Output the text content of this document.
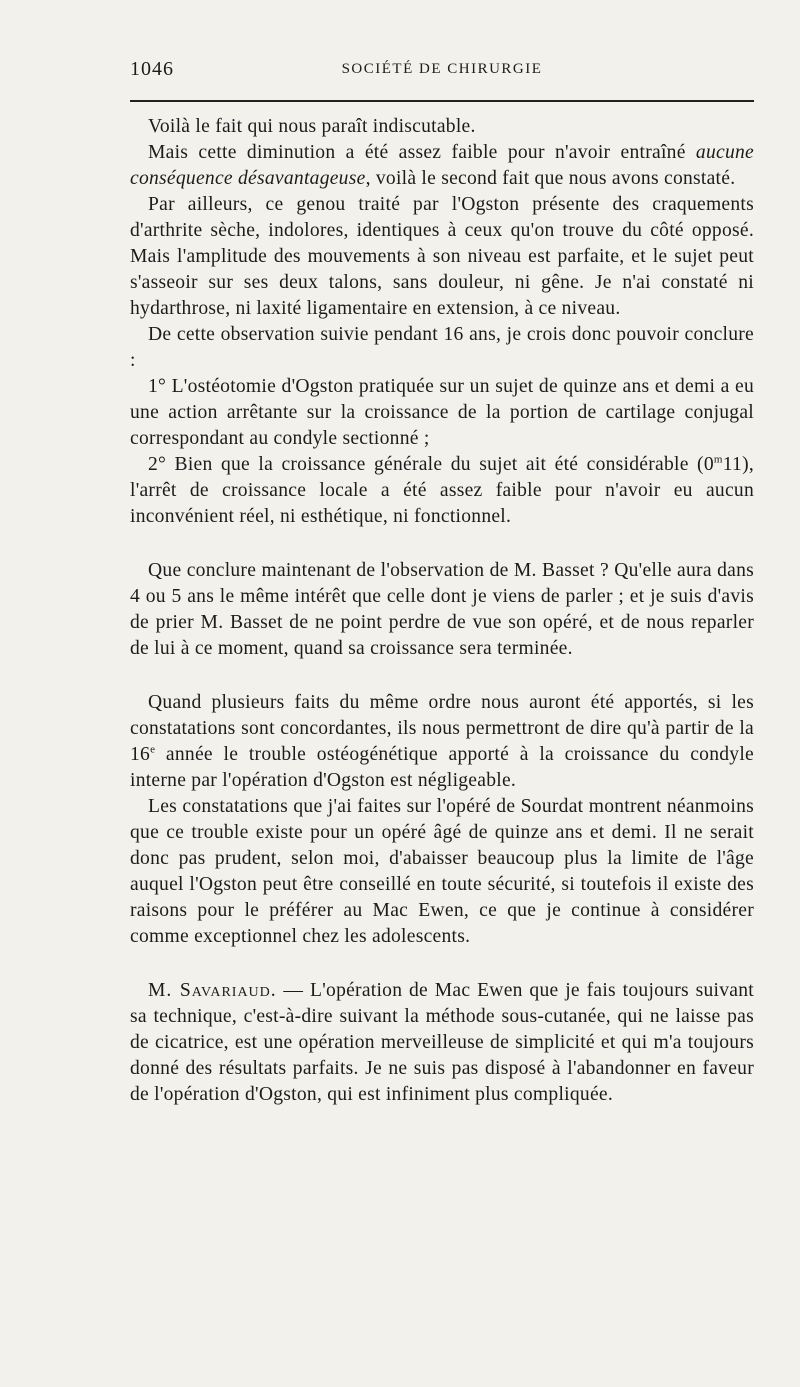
1046	SOCIÉTÉ DE CHIRURGIE

Voilà le fait qui nous paraît indiscutable.

Mais cette diminution a été assez faible pour n'avoir entraîné aucune conséquence désavantageuse, voilà le second fait que nous avons constaté.

Par ailleurs, ce genou traité par l'Ogston présente des craquements d'arthrite sèche, indolores, identiques à ceux qu'on trouve du côté opposé. Mais l'amplitude des mouvements à son niveau est parfaite, et le sujet peut s'asseoir sur ses deux talons, sans douleur, ni gêne. Je n'ai constaté ni hydarthrose, ni laxité ligamentaire en extension, à ce niveau.

De cette observation suivie pendant 16 ans, je crois donc pouvoir conclure :

1° L'ostéotomie d'Ogston pratiquée sur un sujet de quinze ans et demi a eu une action arrêtante sur la croissance de la portion de cartilage conjugal correspondant au condyle sectionné ;

2° Bien que la croissance générale du sujet ait été considérable (0$^m$11), l'arrêt de croissance locale a été assez faible pour n'avoir eu aucun inconvénient réel, ni esthétique, ni fonctionnel.

Que conclure maintenant de l'observation de M. Basset ? Qu'elle aura dans 4 ou 5 ans le même intérêt que celle dont je viens de parler ; et je suis d'avis de prier M. Basset de ne point perdre de vue son opéré, et de nous reparler de lui à ce moment, quand sa croissance sera terminée.

Quand plusieurs faits du même ordre nous auront été apportés, si les constatations sont concordantes, ils nous permettront de dire qu'à partir de la 16e année le trouble ostéogénétique apporté à la croissance du condyle interne par l'opération d'Ogston est négligeable.

Les constatations que j'ai faites sur l'opéré de Sourdat montrent néanmoins que ce trouble existe pour un opéré âgé de quinze ans et demi. Il ne serait donc pas prudent, selon moi, d'abaisser beaucoup plus la limite de l'âge auquel l'Ogston peut être conseillé en toute sécurité, si toutefois il existe des raisons pour le préférer au Mac Ewen, ce que je continue à considérer comme exceptionnel chez les adolescents.

M. Savariaud. — L'opération de Mac Ewen que je fais toujours suivant sa technique, c'est-à-dire suivant la méthode sous-cutanée, qui ne laisse pas de cicatrice, est une opération merveilleuse de simplicité et qui m'a toujours donné des résultats parfaits. Je ne suis pas disposé à l'abandonner en faveur de l'opération d'Ogston, qui est infiniment plus compliquée.
